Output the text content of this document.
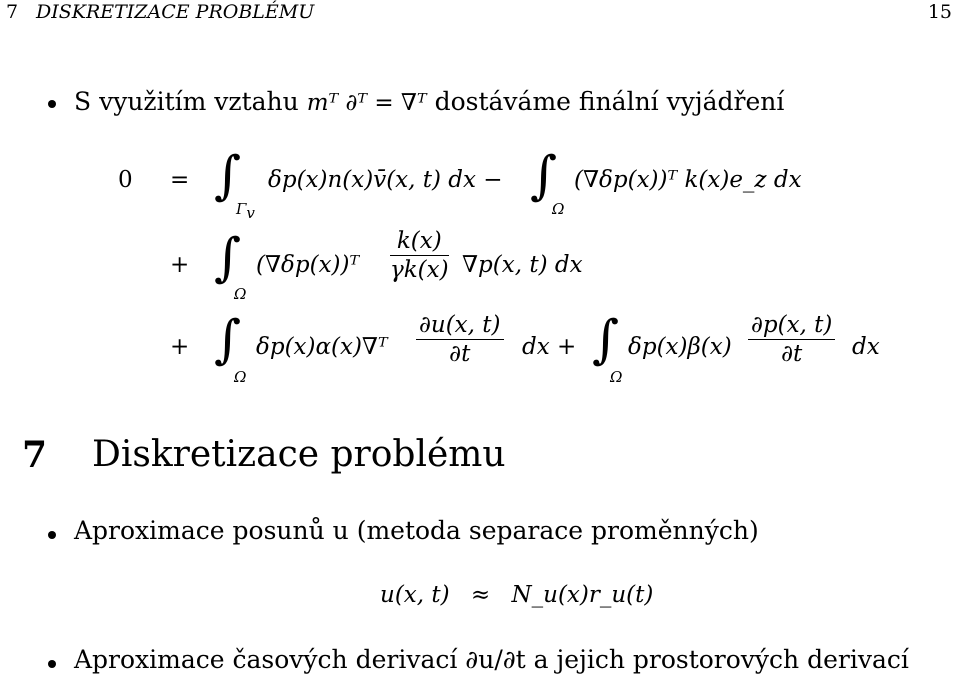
7 DISKRETIZACE PROBLÉMU	15
S využitím vztahu mᵀ ∂ᵀ = ∇ᵀ dostáváme finální vyjádření
0 = ∫
$\Gamma_v$
δp(x)n(x)v̄(x, t) dx − ∫
Ω
(∇δp(x))ᵀ k(x)e_z dx
+ ∫
Ω
(∇δp(x))ᵀ $\frac{k(x)}{\gamma k(x)} \nabla p(x$, t) dx
+ ∫
Ω
δp(x)α(x)∇ᵀ $\frac{\partial u(x, t)}{\partial t}$ dx + ∫
Ω
$\delta p(x)\beta(x) \frac{\partial p(x, t)}{\partial t}$ dx
7 Diskretizace problému
Aproximace posunů u (metoda separace proměnných)
u(x, t) ≈ N_u(x)r_u(t)
Aproximace časových derivací ∂u/∂t a jejich prostorových derivací
